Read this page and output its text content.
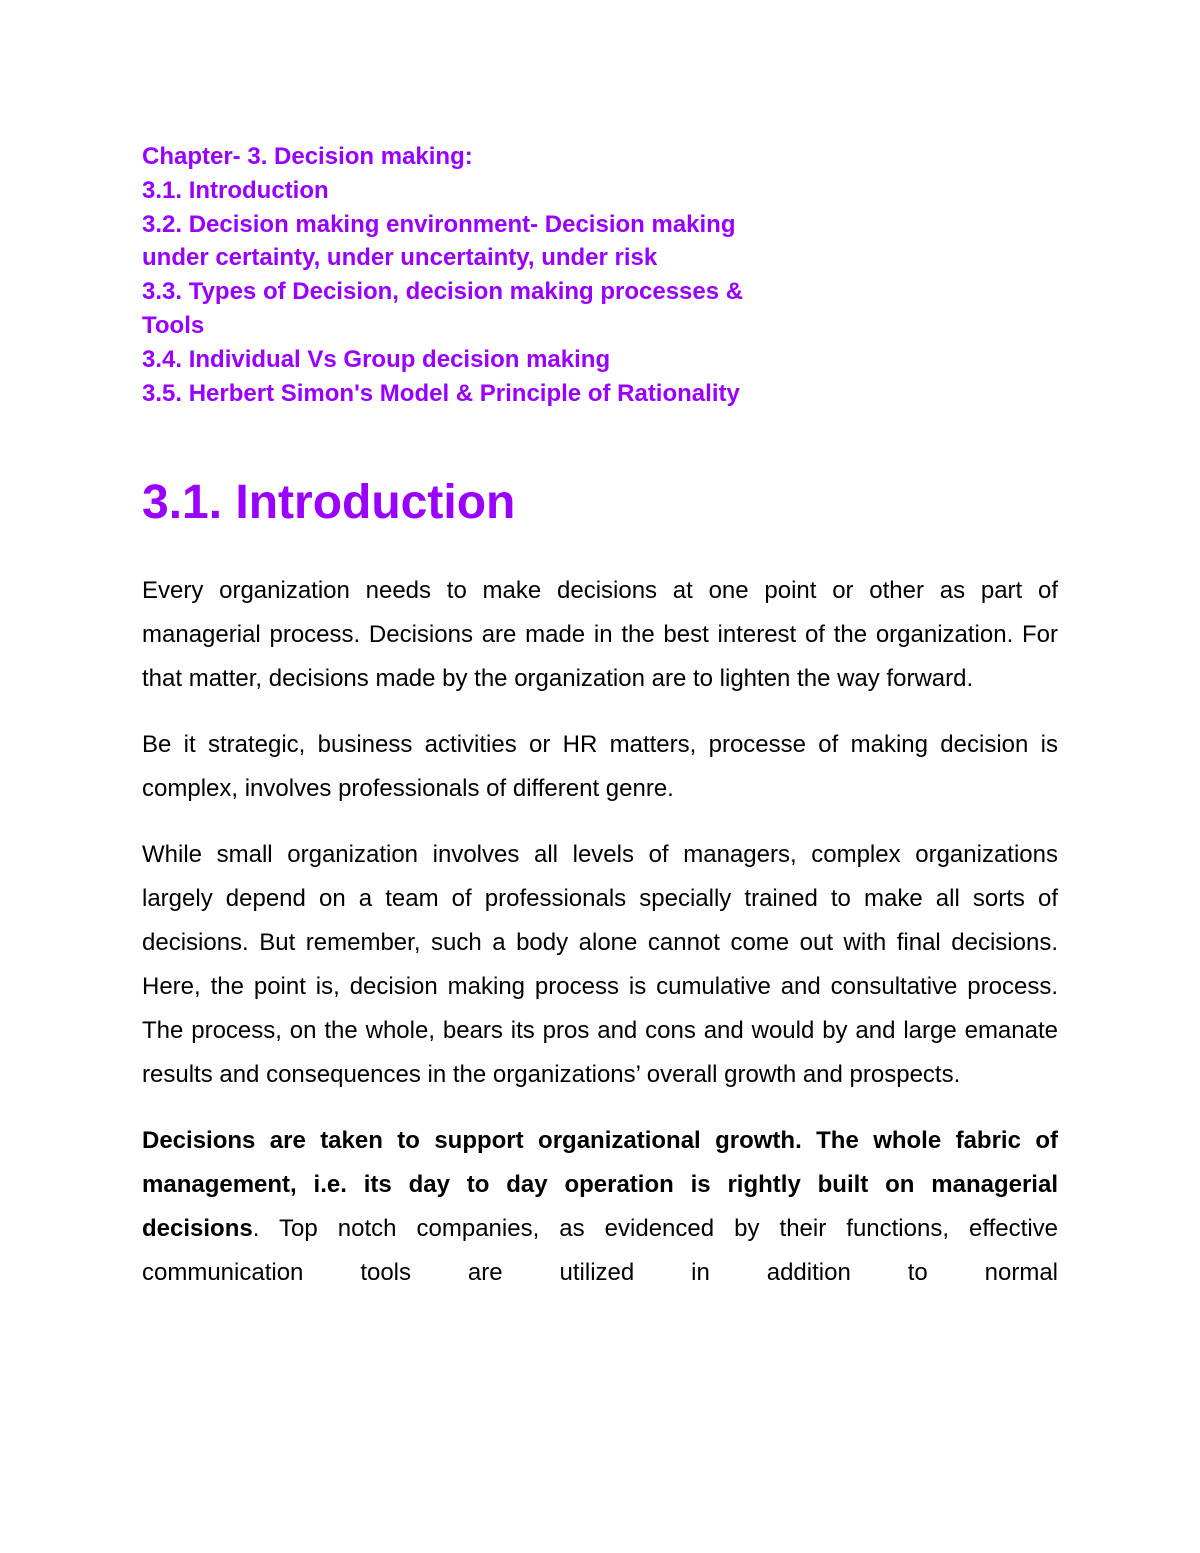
Chapter- 3. Decision making:
3.1. Introduction
3.2. Decision making environment- Decision making
under certainty, under uncertainty, under risk
3.3. Types of Decision, decision making processes &
Tools
3.4. Individual Vs Group decision making
3.5. Herbert Simon's Model & Principle of Rationality
3.1. Introduction

Every organization needs to make decisions at one point or other as part of managerial process. Decisions are made in the best interest of the organization. For that matter, decisions made by the organization are to lighten the way forward.

Be it strategic, business activities or HR matters, processe of making decision is complex, involves professionals of different genre.

While small organization involves all levels of managers, complex organizations largely depend on a team of professionals specially trained to make all sorts of decisions. But remember, such a body alone cannot come out with final decisions. Here, the point is, decision making process is cumulative and consultative process. The process, on the whole, bears its pros and cons and would by and large emanate results and consequences in the organizations’ overall growth and prospects.

Decisions are taken to support organizational growth. The whole fabric of management, i.e. its day to day operation is rightly built on managerial decisions. Top notch companies, as evidenced by their functions, effective communication tools are utilized in addition to normal
